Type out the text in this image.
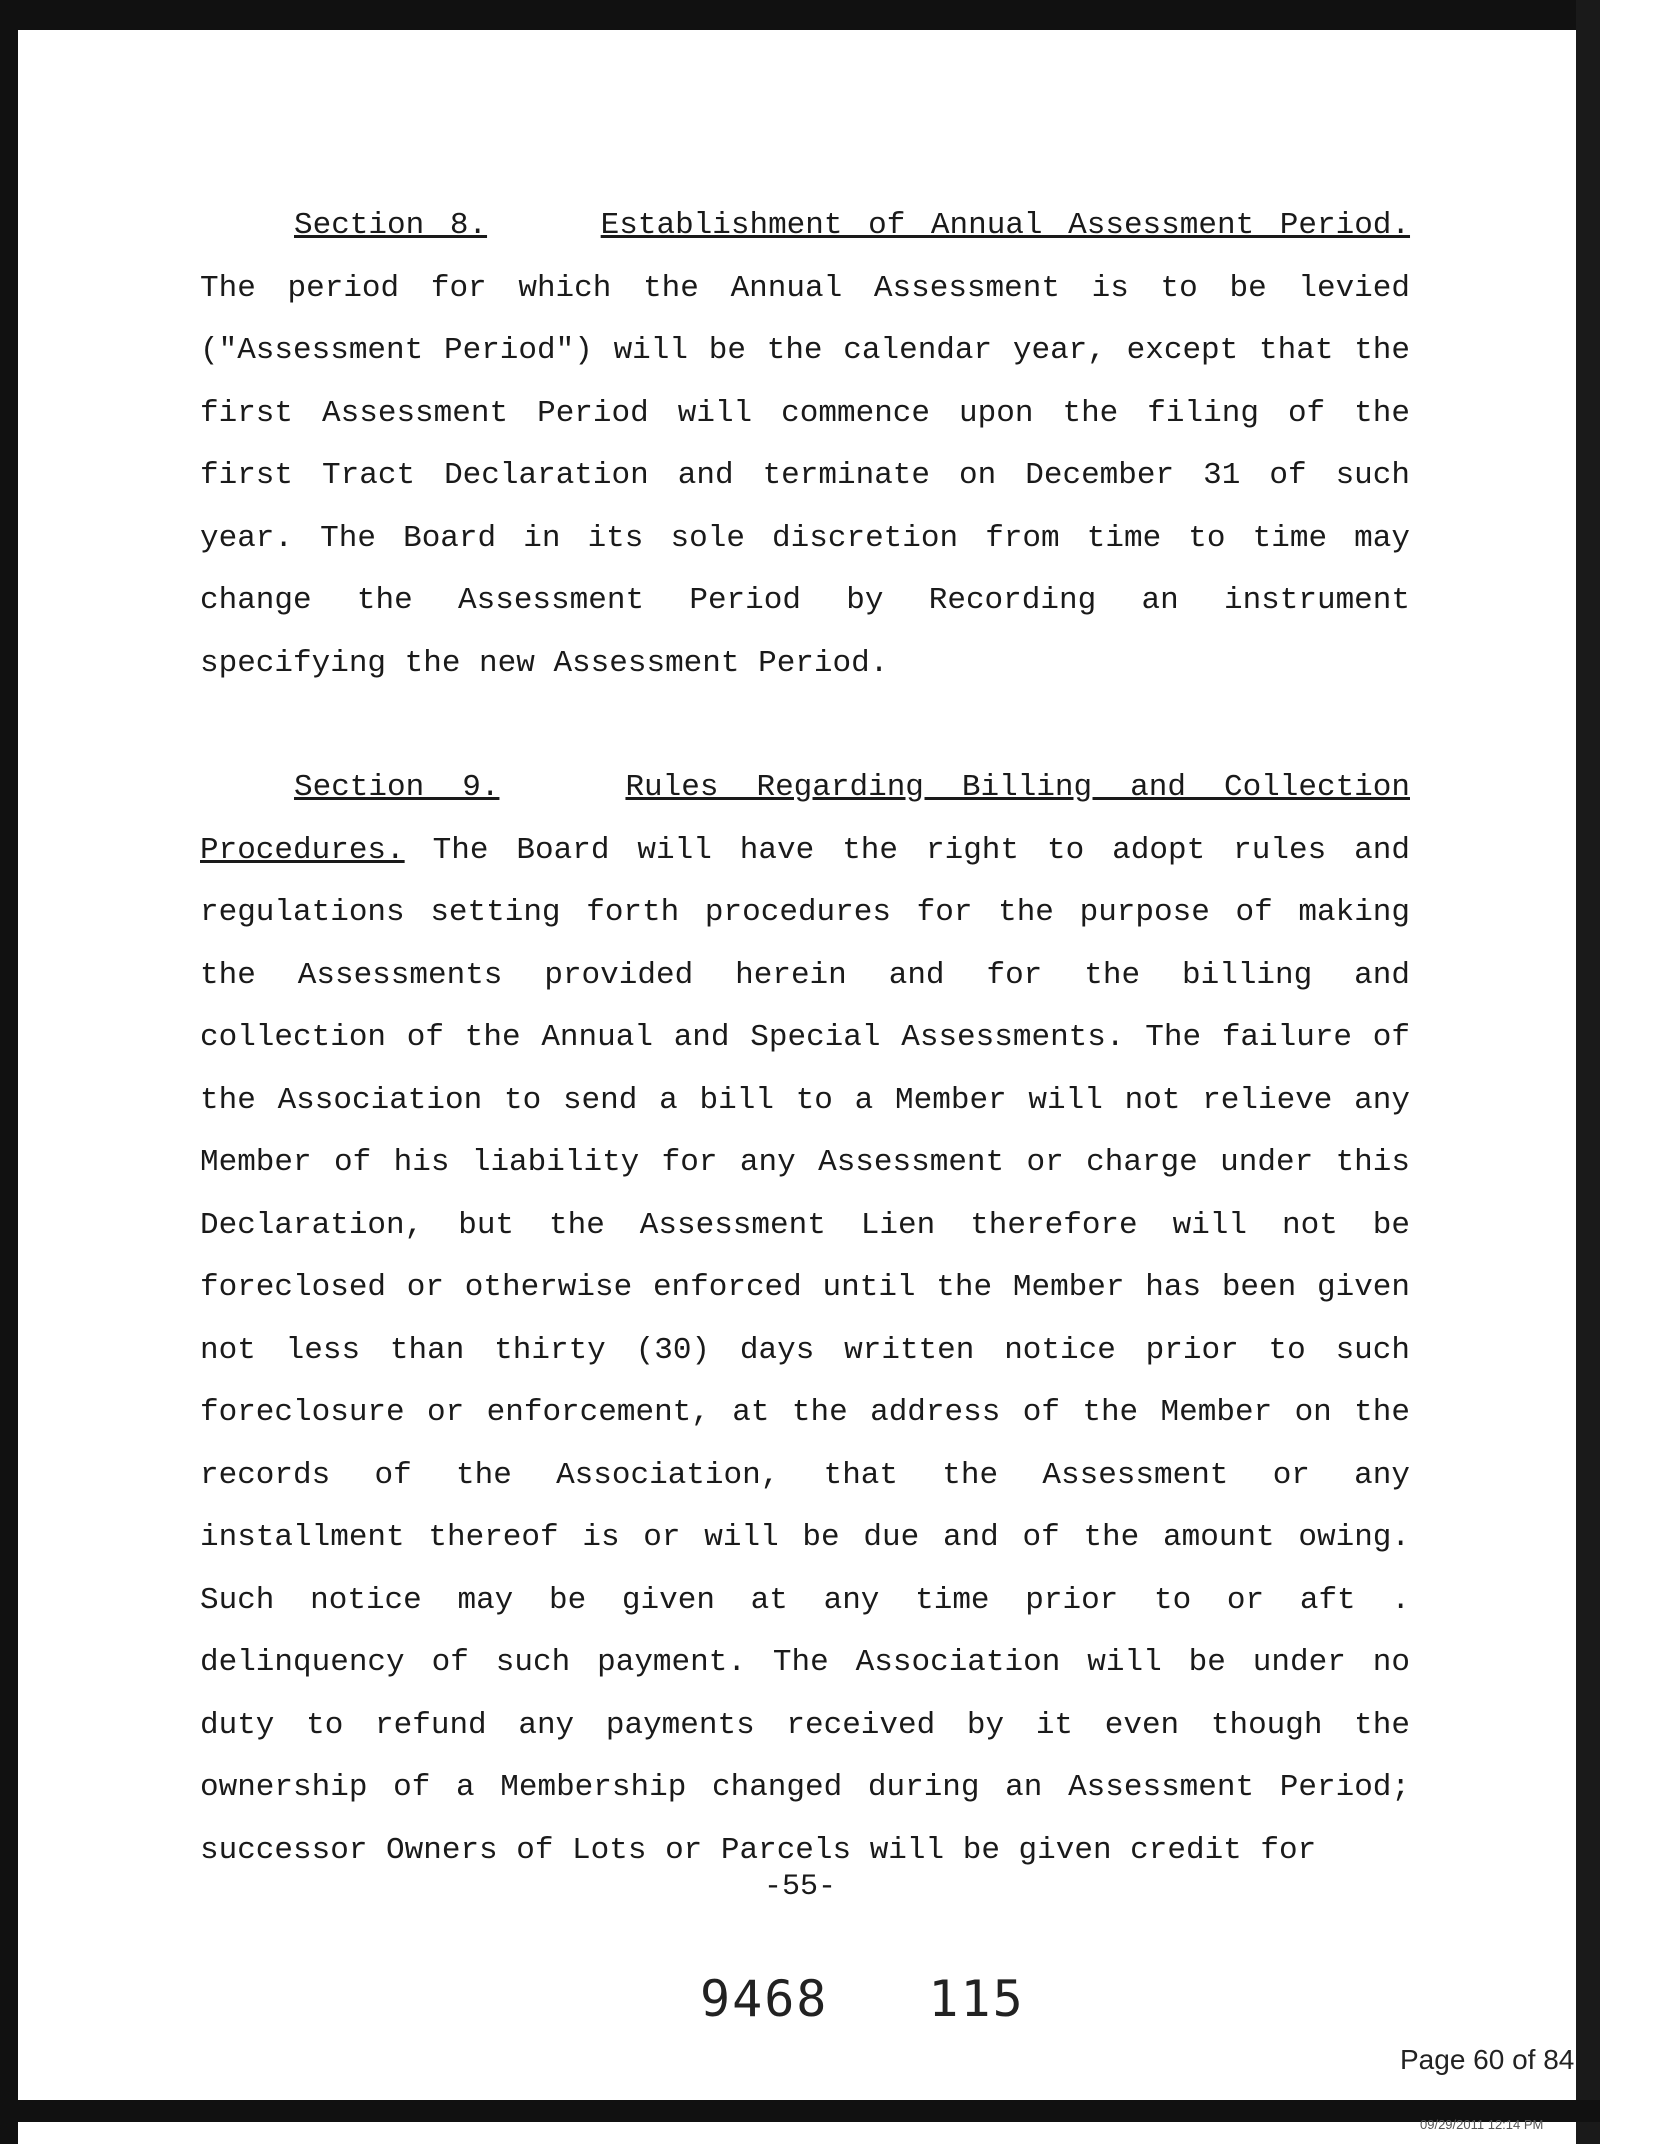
Section 8.	Establishment of Annual Assessment Period. The period for which the Annual Assessment is to be levied ("Assessment Period") will be the calendar year, except that the first Assessment Period will commence upon the filing of the first Tract Declaration and terminate on December 31 of such year. The Board in its sole discretion from time to time may change the Assessment Period by Recording an instrument specifying the new Assessment Period.

Section 9.	Rules Regarding Billing and Collection Procedures. The Board will have the right to adopt rules and regulations setting forth procedures for the purpose of making the Assessments provided herein and for the billing and collection of the Annual and Special Assessments. The failure of the Association to send a bill to a Member will not relieve any Member of his liability for any Assessment or charge under this Declaration, but the Assessment Lien therefore will not be foreclosed or otherwise enforced until the Member has been given not less than thirty (30) days written notice prior to such foreclosure or enforcement, at the address of the Member on the records of the Association, that the Assessment or any installment thereof is or will be due and of the amount owing. Such notice may be given at any time prior to or aft . delinquency of such payment. The Association will be under no duty to refund any payments received by it even though the ownership of a Membership changed during an Assessment Period; successor Owners of Lots or Parcels will be given credit for

-55-
9468 115
Page 60 of 84
09/29/2011 12:14 PM
